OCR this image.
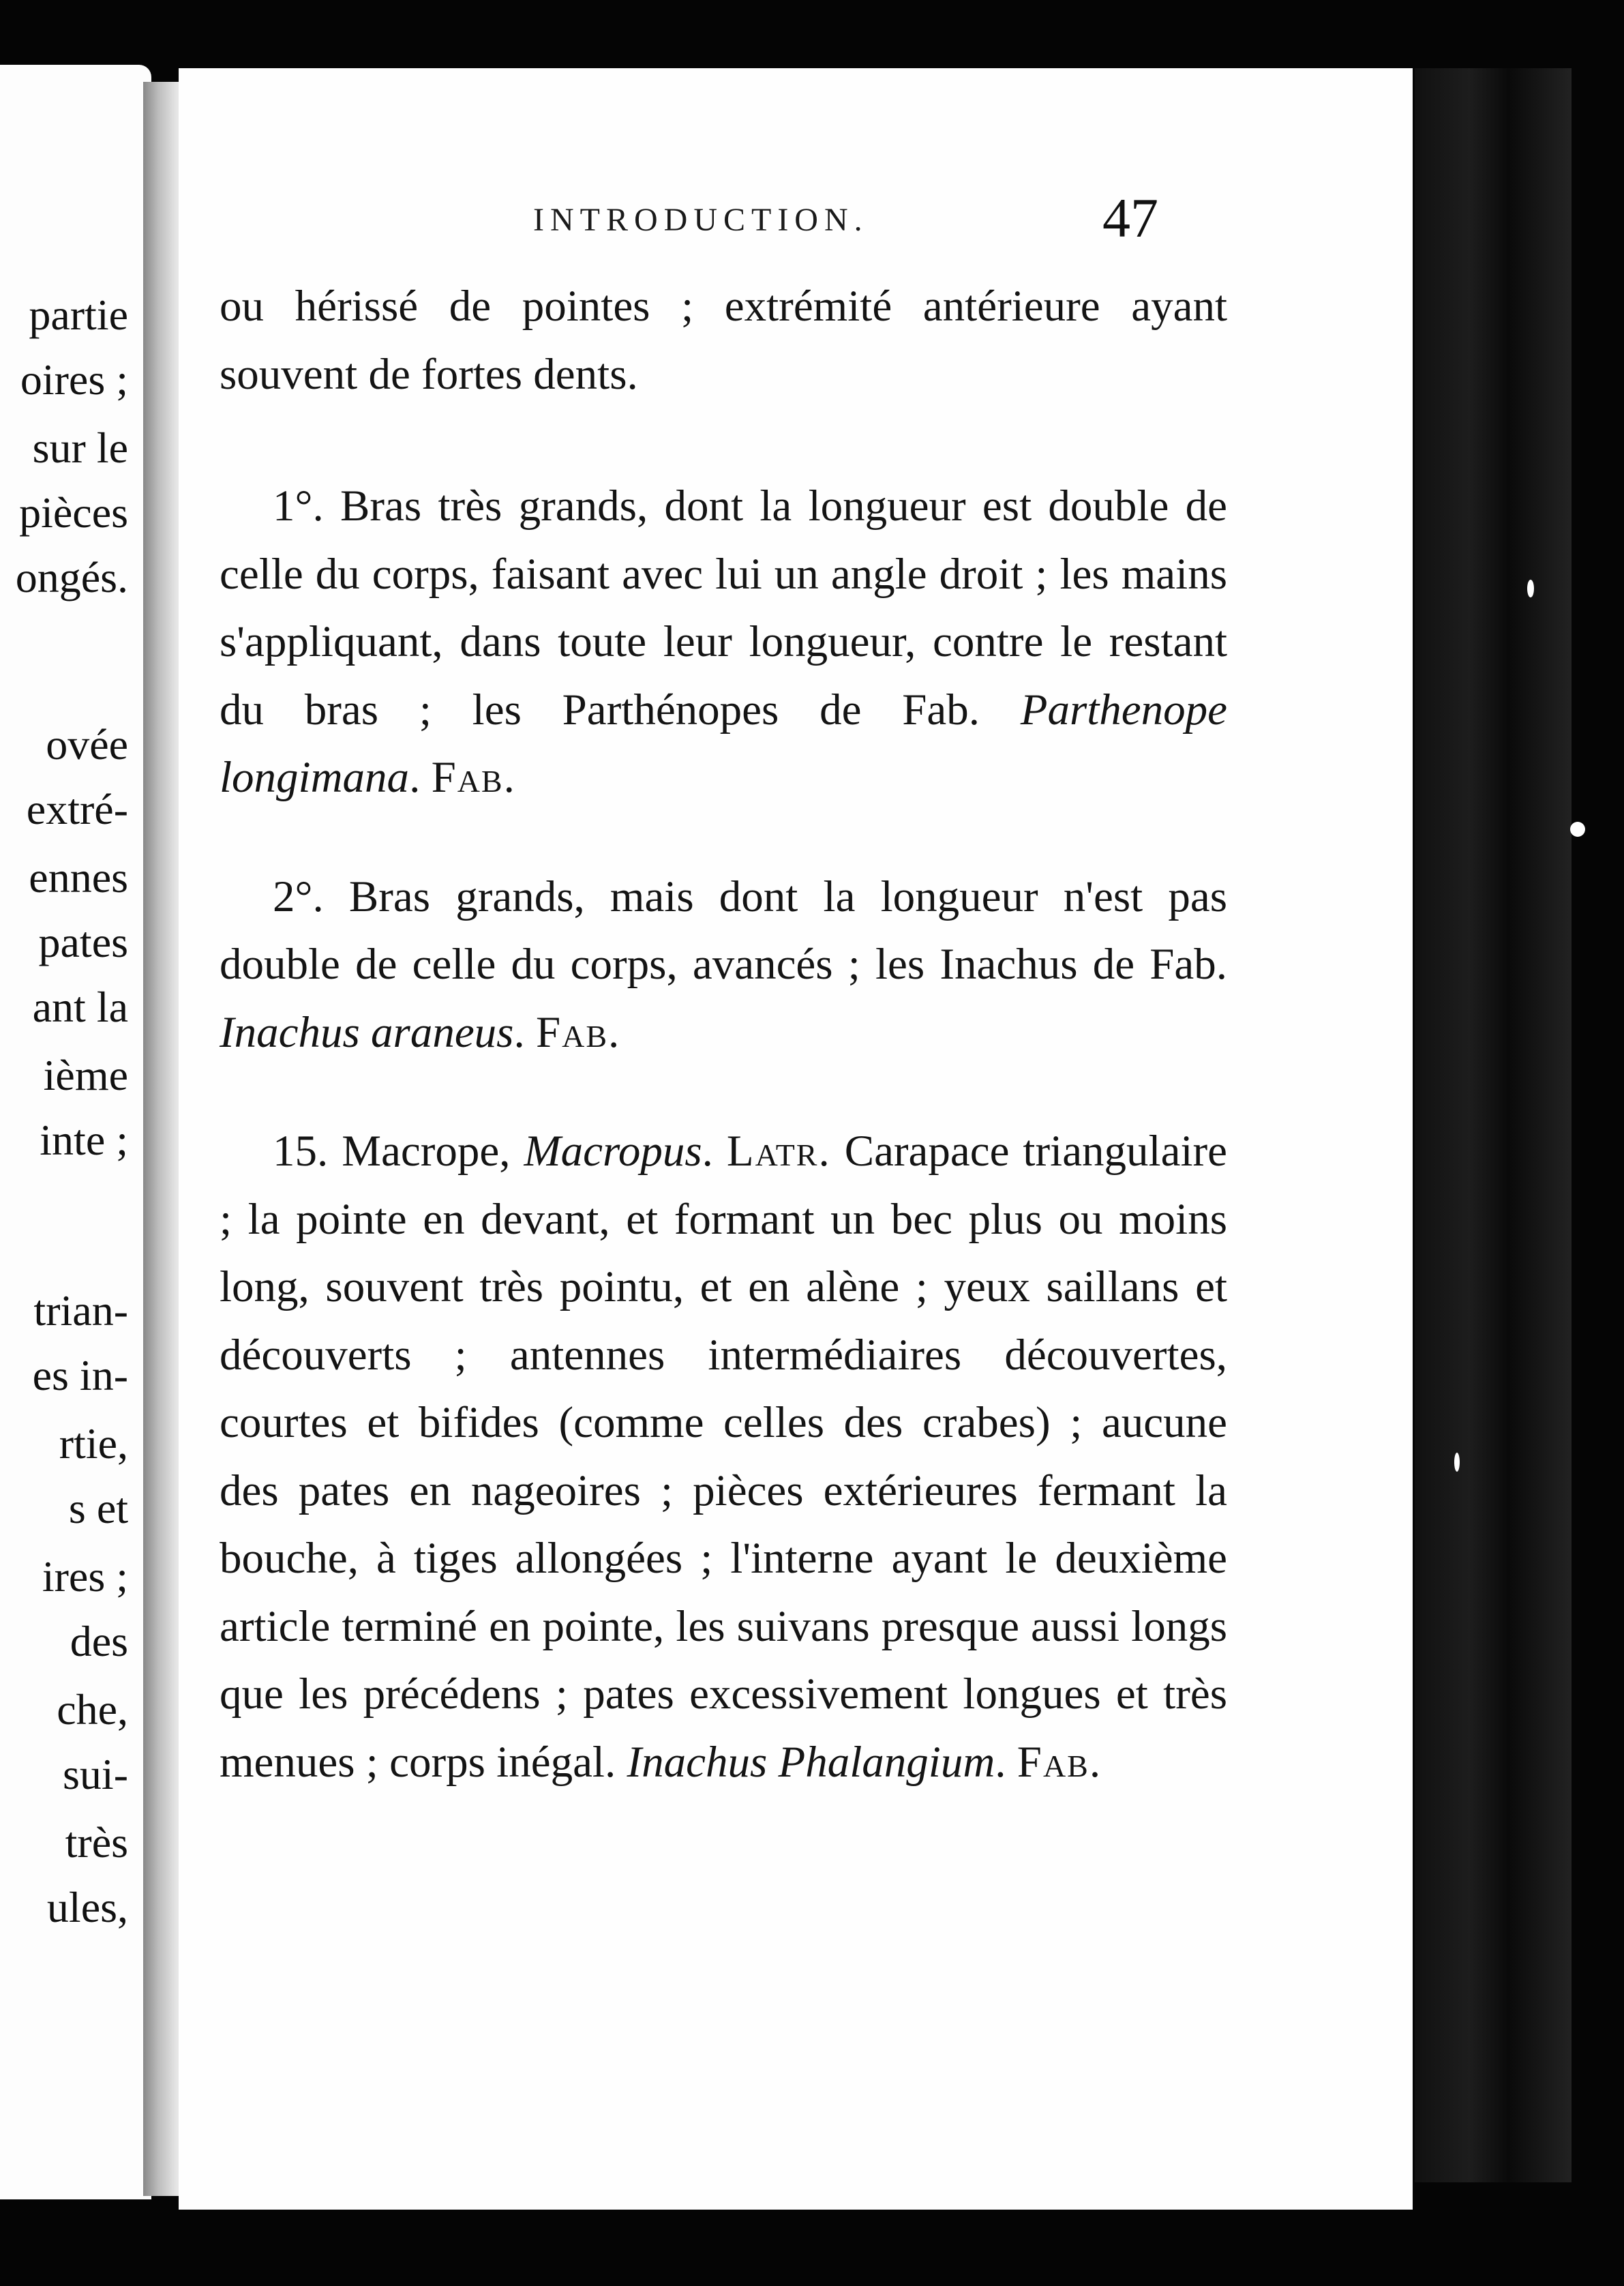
partie
oires ;
sur le
pièces
ongés.
ovée
extré-
ennes
pates
ant la
ième
inte ;
trian-
es in-
rtie,
s et
ires ;
des
che,
sui-
très
ules,
INTRODUCTION.	47

ou hérissé de pointes ; extrémité antérieure ayant souvent de fortes dents.

1°. Bras très grands, dont la longueur est double de celle du corps, faisant avec lui un angle droit ; les mains s'appliquant, dans toute leur longueur, contre le restant du bras ; les Parthénopes de Fab. Parthenope longimana. Fab.

2°. Bras grands, mais dont la longueur n'est pas double de celle du corps, avancés ; les Inachus de Fab. Inachus araneus. Fab.

15. Macrope, Macropus. Latr. Carapace triangulaire ; la pointe en devant, et formant un bec plus ou moins long, souvent très pointu, et en alène ; yeux saillans et découverts ; antennes intermédiaires découvertes, courtes et bifides (comme celles des crabes) ; aucune des pates en nageoires ; pièces extérieures fermant la bouche, à tiges allongées ; l'interne ayant le deuxième article terminé en pointe, les suivans presque aussi longs que les précédens ; pates excessivement longues et très menues ; corps inégal. Inachus Phalangium. Fab.
